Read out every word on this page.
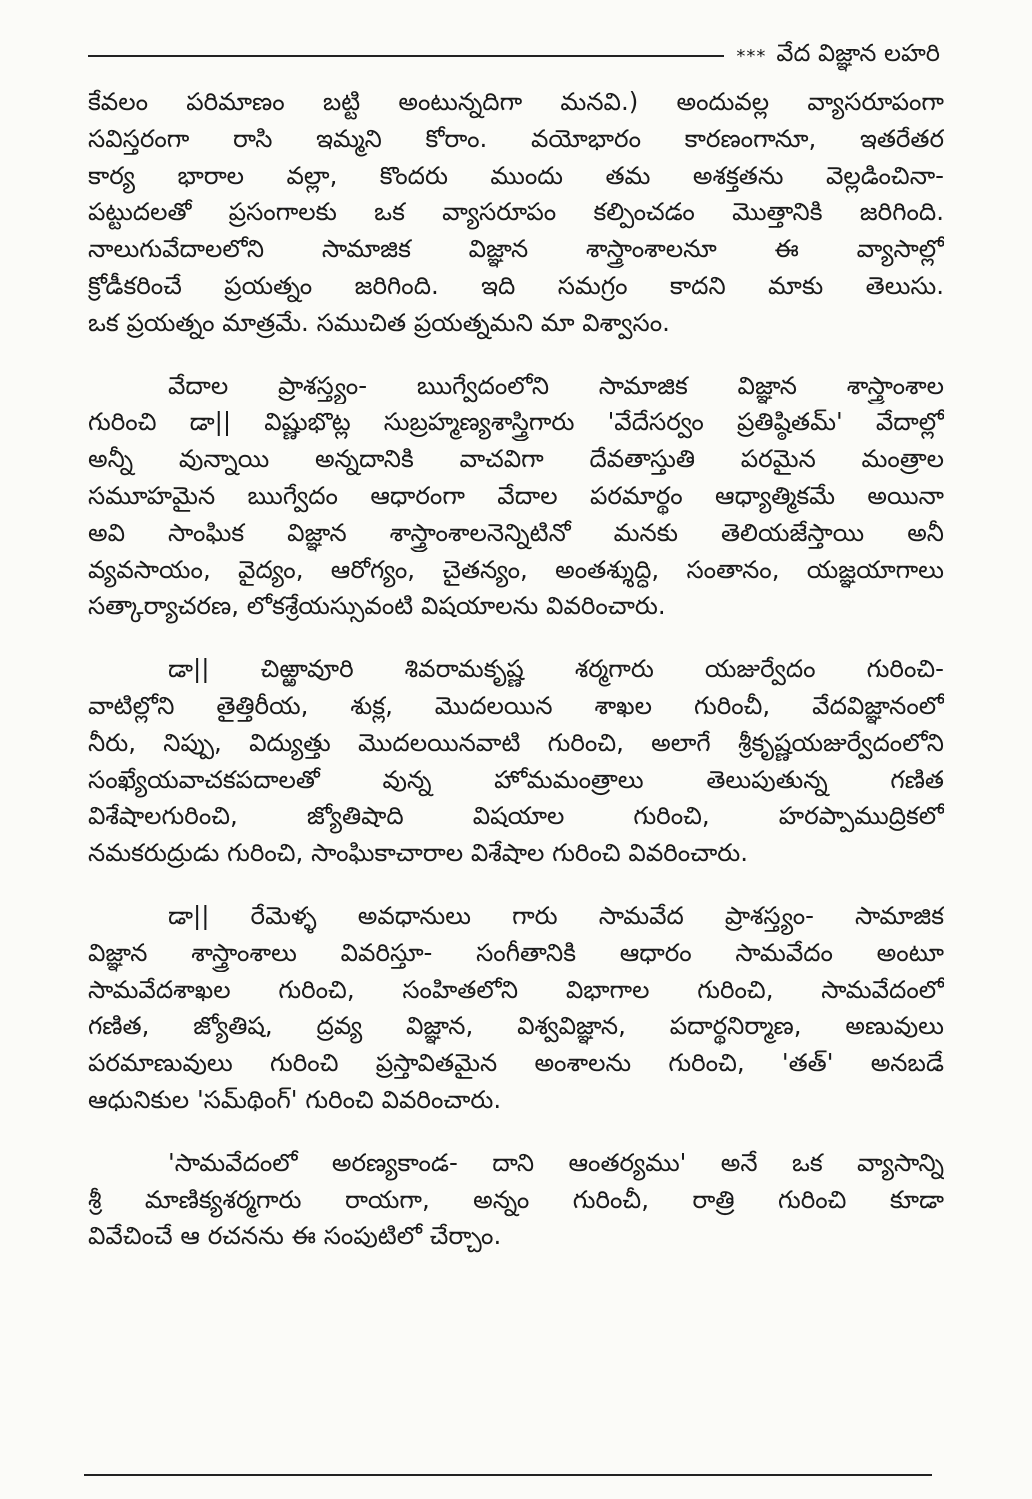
*** వేద విజ్ఞాన లహరి
కేవలం పరిమాణం బట్టి అంటున్నదిగా మనవి.) అందువల్ల వ్యాసరూపంగా
సవిస్తరంగా రాసి ఇమ్మని కోరాం. వయోభారం కారణంగానూ, ఇతరేతర
కార్య భారాల వల్లా, కొందరు ముందు తమ అశక్తతను వెల్లడించినా-
పట్టుదలతో ప్రసంగాలకు ఒక వ్యాసరూపం కల్పించడం మొత్తానికి జరిగింది.
నాలుగువేదాలలోని సామాజిక విజ్ఞాన శాస్త్రాంశాలనూ ఈ వ్యాసాల్లో
క్రోడీకరించే ప్రయత్నం జరిగింది. ఇది సమగ్రం కాదని మాకు తెలుసు.
ఒక ప్రయత్నం మాత్రమే. సముచిత ప్రయత్నమని మా విశ్వాసం.
వేదాల ప్రాశస్త్యం- ఋగ్వేదంలోని సామాజిక విజ్ఞాన శాస్త్రాంశాల
గురించి డా|| విష్ణుభొట్ల సుబ్రహ్మణ్యశాస్త్రిగారు 'వేదేసర్వం ప్రతిష్ఠితమ్' వేదాల్లో
అన్నీ వున్నాయి అన్నదానికి వాచవిగా దేవతాస్తుతి పరమైన మంత్రాల
సమూహమైన ఋగ్వేదం ఆధారంగా వేదాల పరమార్థం ఆధ్యాత్మికమే అయినా
అవి సాంఘిక విజ్ఞాన శాస్త్రాంశాలనెన్నిటినో మనకు తెలియజేస్తాయి అనీ
వ్యవసాయం, వైద్యం, ఆరోగ్యం, చైతన్యం, అంతశ్శుద్ధి, సంతానం, యజ్ఞయాగాలు
సత్కార్యాచరణ, లోకశ్రేయస్సువంటి విషయాలను వివరించారు.
డా|| చిఱ్ఱావూరి శివరామకృష్ణ శర్మగారు యజుర్వేదం గురించి-
వాటిల్లోని తైత్తిరీయ, శుక్ల, మొదలయిన శాఖల గురించీ, వేదవిజ్ఞానంలో
నీరు, నిప్పు, విద్యుత్తు మొదలయినవాటి గురించి, అలాగే శ్రీకృష్ణయజుర్వేదంలోని
సంఖ్యేయవాచకపదాలతో వున్న హోమమంత్రాలు తెలుపుతున్న గణిత
విశేషాలగురించి, జ్యోతిషాది విషయాల గురించి, హరప్పాముద్రికలో
నమకరుద్రుడు గురించి, సాంఘికాచారాల విశేషాల గురించి వివరించారు.
డా|| రేమెళ్ళ అవధానులు గారు సామవేద ప్రాశస్త్యం- సామాజిక
విజ్ఞాన శాస్త్రాంశాలు వివరిస్తూ- సంగీతానికి ఆధారం సామవేదం అంటూ
సామవేదశాఖల గురించి, సంహితలోని విభాగాల గురించి, సామవేదంలో
గణిత, జ్యోతిష, ద్రవ్య విజ్ఞాన, విశ్వవిజ్ఞాన, పదార్థనిర్మాణ, అణువులు
పరమాణువులు గురించి ప్రస్తావితమైన అంశాలను గురించి, 'తత్' అనబడే
ఆధునికుల 'సమ్‌థింగ్' గురించి వివరించారు.
'సామవేదంలో అరణ్యకాండ- దాని ఆంతర్యము' అనే ఒక వ్యాసాన్ని
శ్రీ మాణిక్యశర్మగారు రాయగా, అన్నం గురించీ, రాత్రి గురించి కూడా
వివేచించే ఆ రచనను ఈ సంపుటిలో చేర్చాం.
